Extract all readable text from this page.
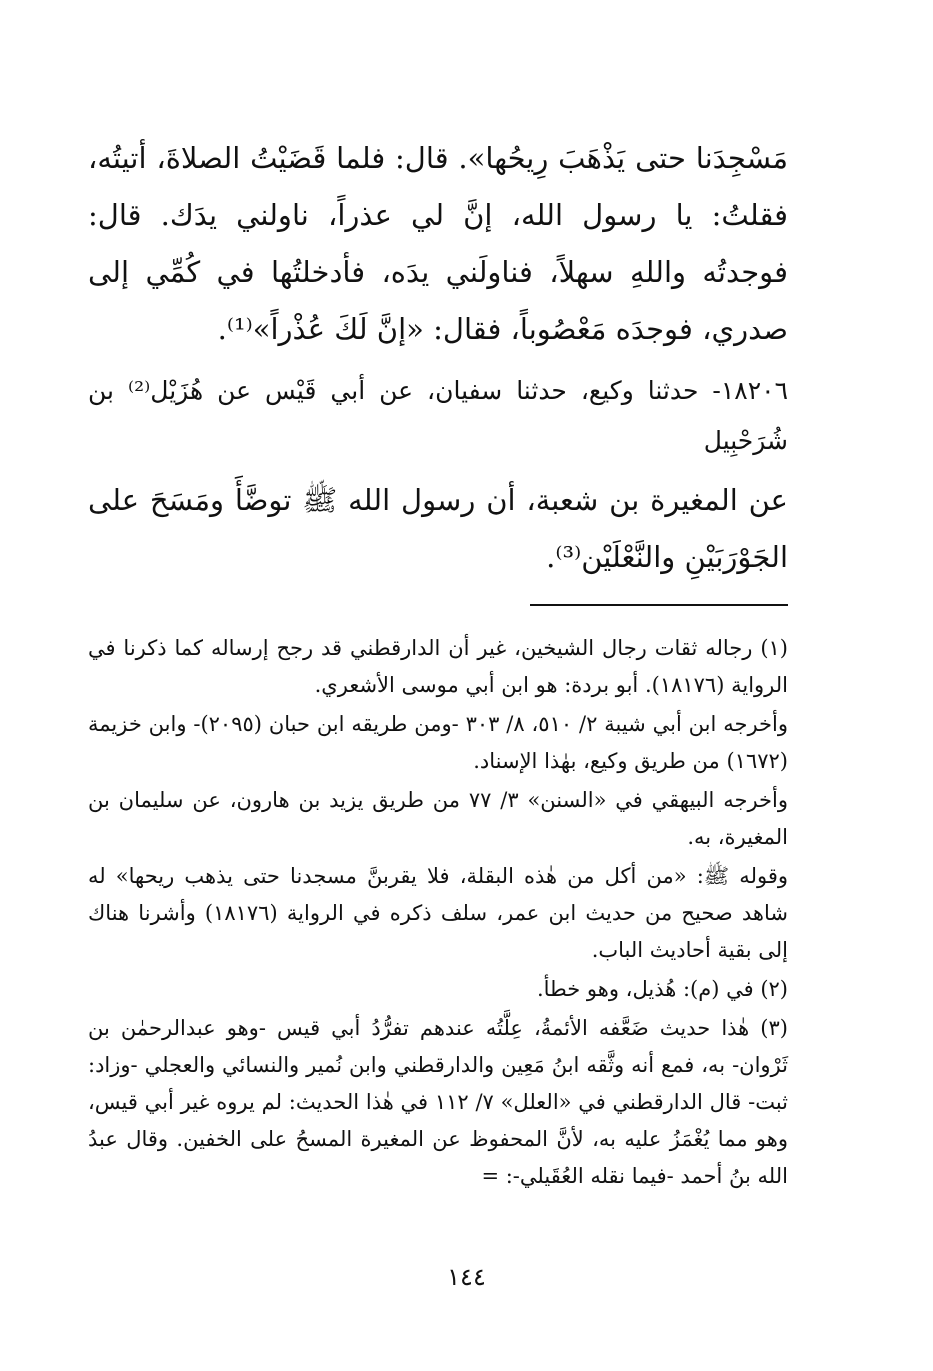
مَسْجِدَنا حتى يَذْهَبَ رِيحُها». قال: فلما قَضَيْتُ الصلاةَ، أتيتُه، فقلتُ: يا رسول الله، إنَّ لي عذراً، ناولني يدَك. قال: فوجدتُه واللهِ سهلاً، فناولَني يدَه، فأدخلتُها في كُمِّي إلى صدري، فوجدَه مَعْصُوباً، فقال: «إنَّ لَكَ عُذْراً»⁽¹⁾.

١٨٢٠٦- حدثنا وكيع، حدثنا سفيان، عن أبي قَيْس عن هُزَيْل⁽²⁾ بن شُرَحْبِيل

عن المغيرة بن شعبة، أن رسول الله ﷺ توضَّأَ ومَسَحَ على الجَوْرَبَيْنِ والنَّعْلَيْن⁽³⁾.

(١) رجاله ثقات رجال الشيخين، غير أن الدارقطني قد رجح إرساله كما ذكرنا في الرواية (١٨١٧٦). أبو بردة: هو ابن أبي موسى الأشعري.

وأخرجه ابن أبي شيبة ٢/ ٥١٠، ٨/ ٣٠٣ -ومن طريقه ابن حبان (٢٠٩٥)- وابن خزيمة (١٦٧٢) من طريق وكيع، بهٰذا الإسناد.

وأخرجه البيهقي في «السنن» ٣/ ٧٧ من طريق يزيد بن هارون، عن سليمان بن المغيرة، به.

وقوله ﷺ: «من أكل من هٰذه البقلة، فلا يقربنَّ مسجدنا حتى يذهب ريحها» له شاهد صحيح من حديث ابن عمر، سلف ذكره في الرواية (١٨١٧٦) وأشرنا هناك إلى بقية أحاديث الباب.

(٢) في (م): هُذيل، وهو خطأ.

(٣) هٰذا حديث ضَعَّفه الأئمةُ، عِلَّتُه عندهم تفرُّدُ أبي قيس -وهو عبدالرحمٰن بن ثَرْوان- به، فمع أنه وثَّقه ابنُ مَعِين والدارقطني وابن نُمير والنسائي والعجلي -وزاد: ثبت- قال الدارقطني في «العلل» ٧/ ١١٢ في هٰذا الحديث: لم يروه غير أبي قيس، وهو مما يُغْمَزُ عليه به، لأنَّ المحفوظ عن المغيرة المسحُ على الخفين. وقال عبدُ الله بنُ أحمد -فيما نقله العُقَيلي-: =

١٤٤
